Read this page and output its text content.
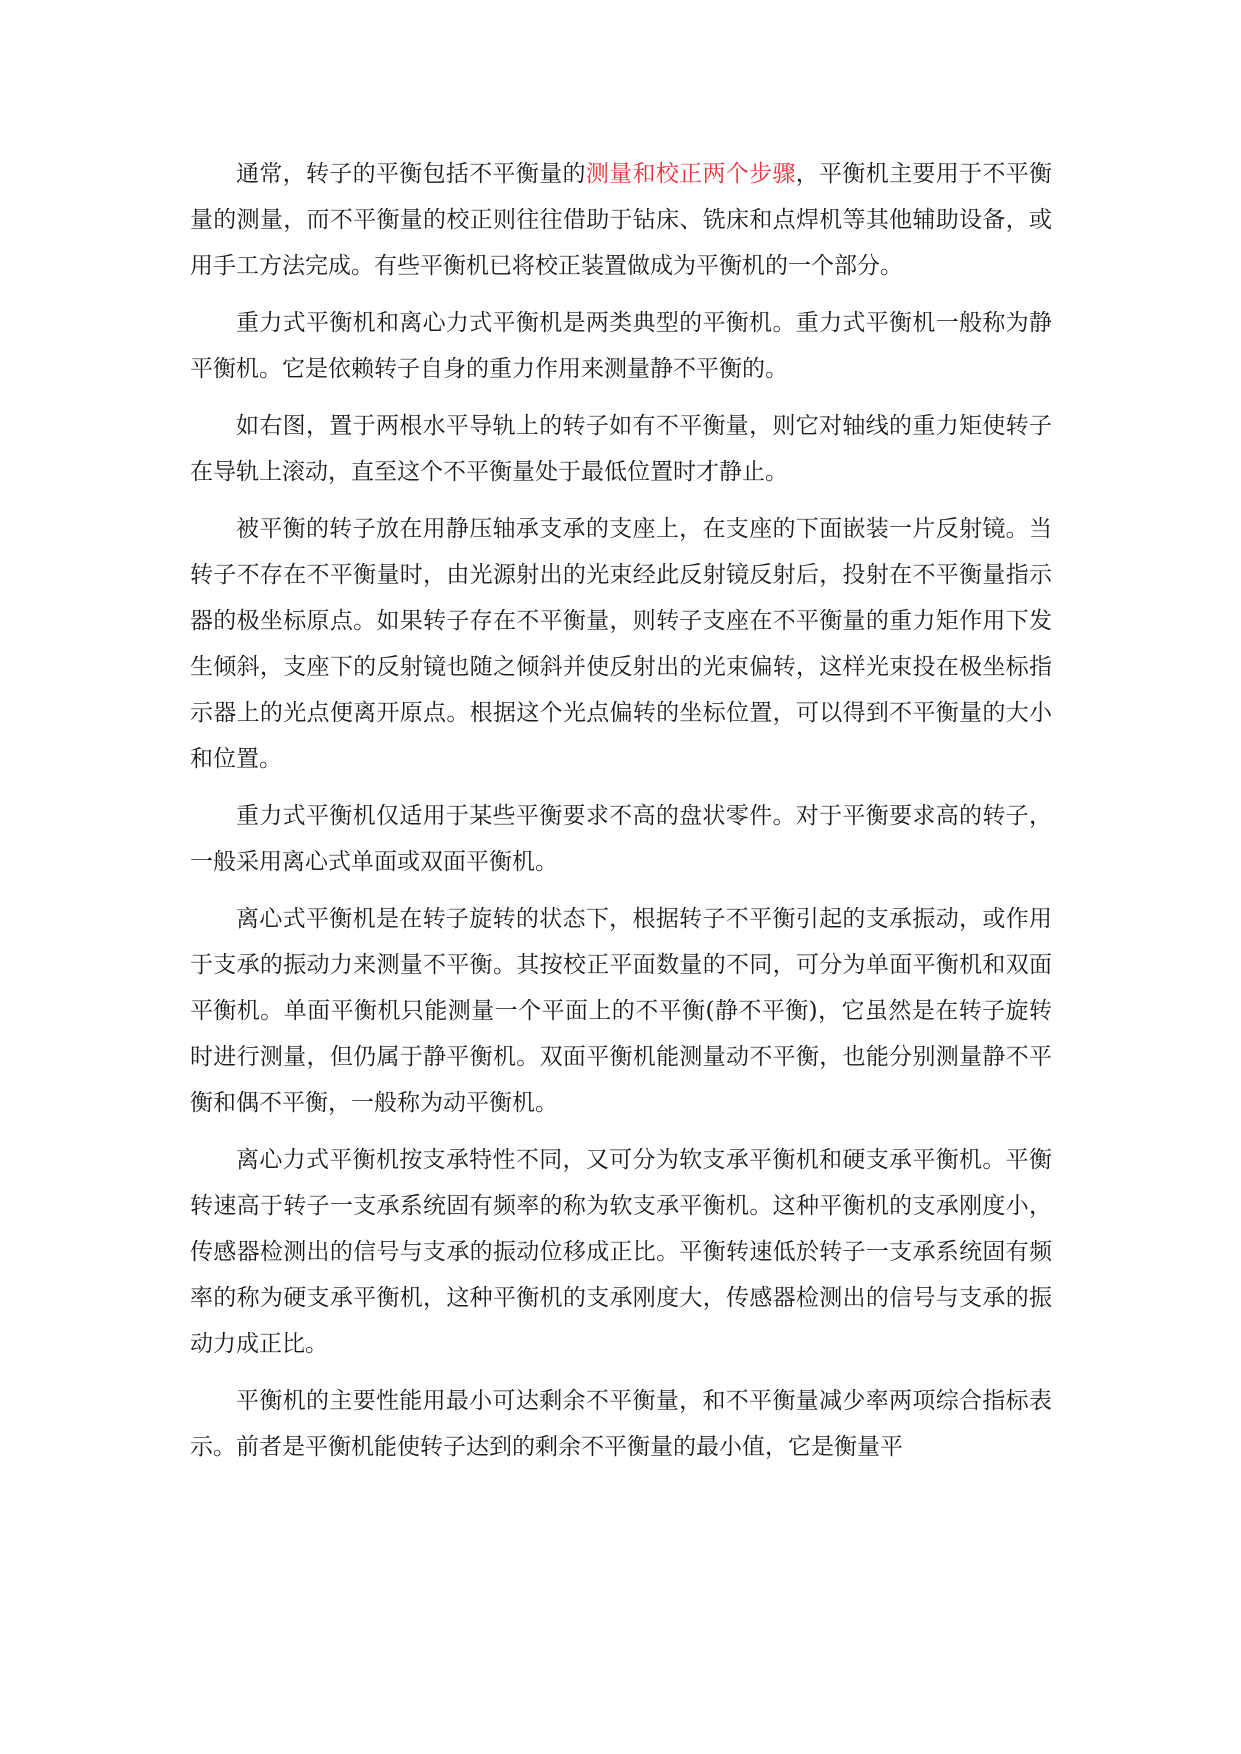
通常，转子的平衡包括不平衡量的测量和校正两个步骤，平衡机主要用于不平衡量的测量，而不平衡量的校正则往往借助于钻床、铣床和点焊机等其他辅助设备，或用手工方法完成。有些平衡机已将校正装置做成为平衡机的一个部分。

重力式平衡机和离心力式平衡机是两类典型的平衡机。重力式平衡机一般称为静平衡机。它是依赖转子自身的重力作用来测量静不平衡的。

如右图，置于两根水平导轨上的转子如有不平衡量，则它对轴线的重力矩使转子在导轨上滚动，直至这个不平衡量处于最低位置时才静止。

被平衡的转子放在用静压轴承支承的支座上，在支座的下面嵌装一片反射镜。当转子不存在不平衡量时，由光源射出的光束经此反射镜反射后，投射在不平衡量指示器的极坐标原点。如果转子存在不平衡量，则转子支座在不平衡量的重力矩作用下发生倾斜，支座下的反射镜也随之倾斜并使反射出的光束偏转，这样光束投在极坐标指示器上的光点便离开原点。根据这个光点偏转的坐标位置，可以得到不平衡量的大小和位置。

重力式平衡机仅适用于某些平衡要求不高的盘状零件。对于平衡要求高的转子，一般采用离心式单面或双面平衡机。

离心式平衡机是在转子旋转的状态下，根据转子不平衡引起的支承振动，或作用于支承的振动力来测量不平衡。其按校正平面数量的不同，可分为单面平衡机和双面平衡机。单面平衡机只能测量一个平面上的不平衡(静不平衡)，它虽然是在转子旋转时进行测量，但仍属于静平衡机。双面平衡机能测量动不平衡，也能分别测量静不平衡和偶不平衡，一般称为动平衡机。

离心力式平衡机按支承特性不同，又可分为软支承平衡机和硬支承平衡机。平衡转速高于转子一支承系统固有频率的称为软支承平衡机。这种平衡机的支承刚度小，传感器检测出的信号与支承的振动位移成正比。平衡转速低於转子一支承系统固有频率的称为硬支承平衡机，这种平衡机的支承刚度大，传感器检测出的信号与支承的振动力成正比。

平衡机的主要性能用最小可达剩余不平衡量，和不平衡量减少率两项综合指标表示。前者是平衡机能使转子达到的剩余不平衡量的最小值，它是衡量平
